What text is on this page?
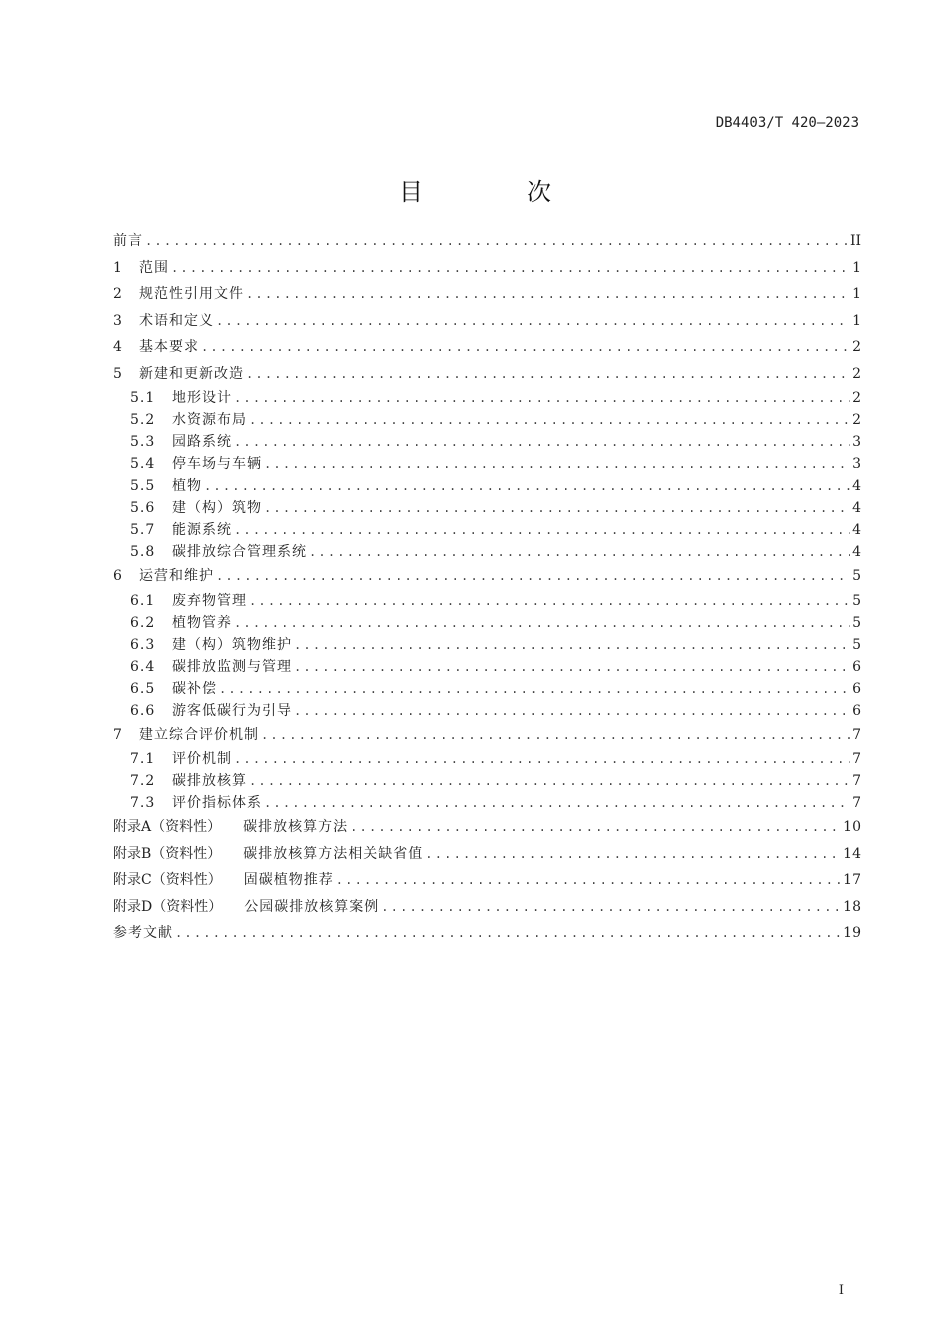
DB4403/T 420—2023
目　次
前言 .....	II
1	范围 .....	1
2	规范性引用文件 .....	1
3	术语和定义 .....	1
4	基本要求 .....	2
5	新建和更新改造 .....	2
5.1	地形设计 .....	2
5.2	水资源布局 .....	2
5.3	园路系统 .....	3
5.4	停车场与车辆 .....	3
5.5	植物 .....	4
5.6	建（构）筑物 .....	4
5.7	能源系统 .....	4
5.8	碳排放综合管理系统 .....	4
6	运营和维护 .....	5
6.1	废弃物管理 .....	5
6.2	植物管养 .....	5
6.3	建（构）筑物维护 .....	5
6.4	碳排放监测与管理 .....	6
6.5	碳补偿 .....	6
6.6	游客低碳行为引导 .....	6
7	建立综合评价机制 .....	7
7.1	评价机制 .....	7
7.2	碳排放核算 .....	7
7.3	评价指标体系 .....	7
附录A（资料性） 碳排放核算方法 .....	10
附录B（资料性） 碳排放核算方法相关缺省值 .....	14
附录C（资料性） 固碳植物推荐 .....	17
附录D（资料性） 公园碳排放核算案例 .....	18
参考文献 .....	19
I
